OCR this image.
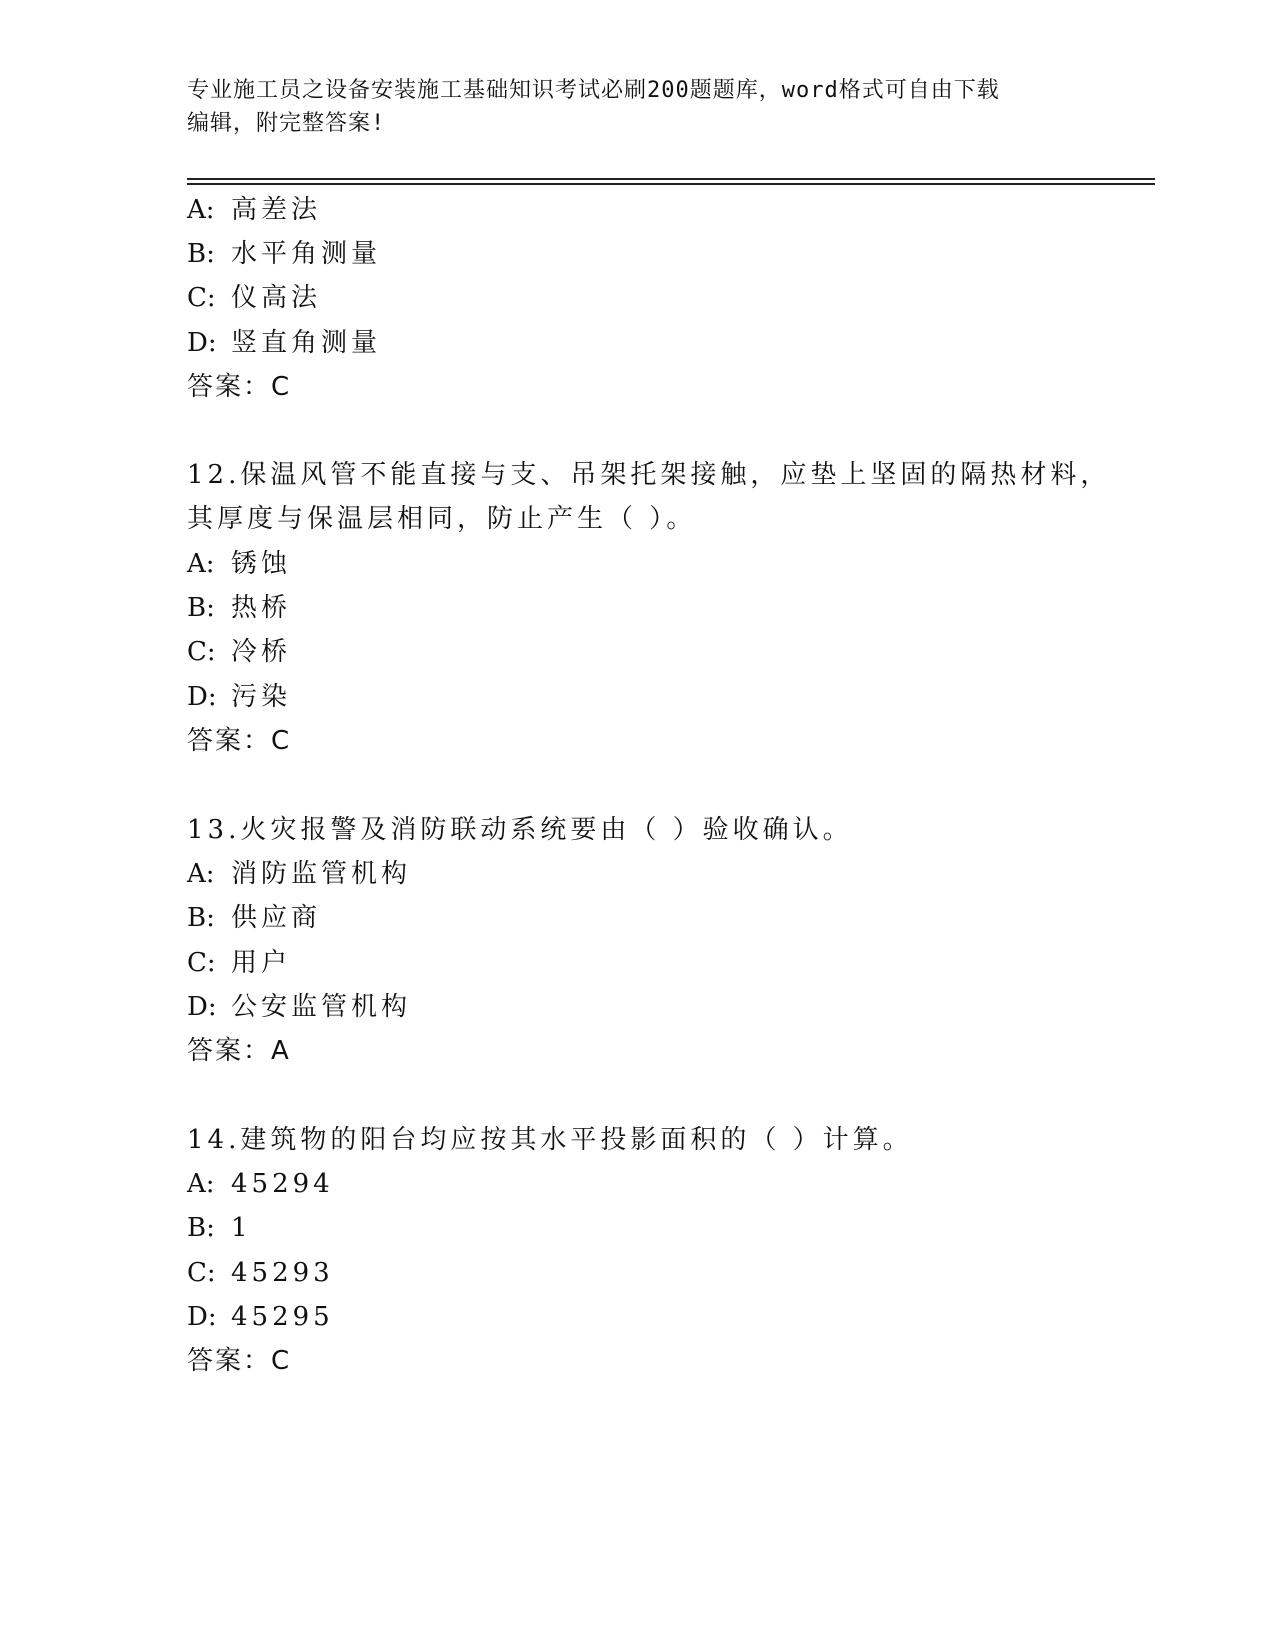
专业施工员之设备安装施工基础知识考试必刷200题题库，word格式可自由下载
编辑，附完整答案!
A: 高差法
B: 水平角测量
C: 仪高法
D: 竖直角测量
答案：C
12.保温风管不能直接与支、吊架托架接触，应垫上坚固的隔热材料，
其厚度与保温层相同，防止产生（ ）。
A: 锈蚀
B: 热桥
C: 冷桥
D: 污染
答案：C
13.火灾报警及消防联动系统要由（ ）验收确认。
A: 消防监管机构
B: 供应商
C: 用户
D: 公安监管机构
答案：A
14.建筑物的阳台均应按其水平投影面积的（ ）计算。
A: 45294
B: 1
C: 45293
D: 45295
答案：C
